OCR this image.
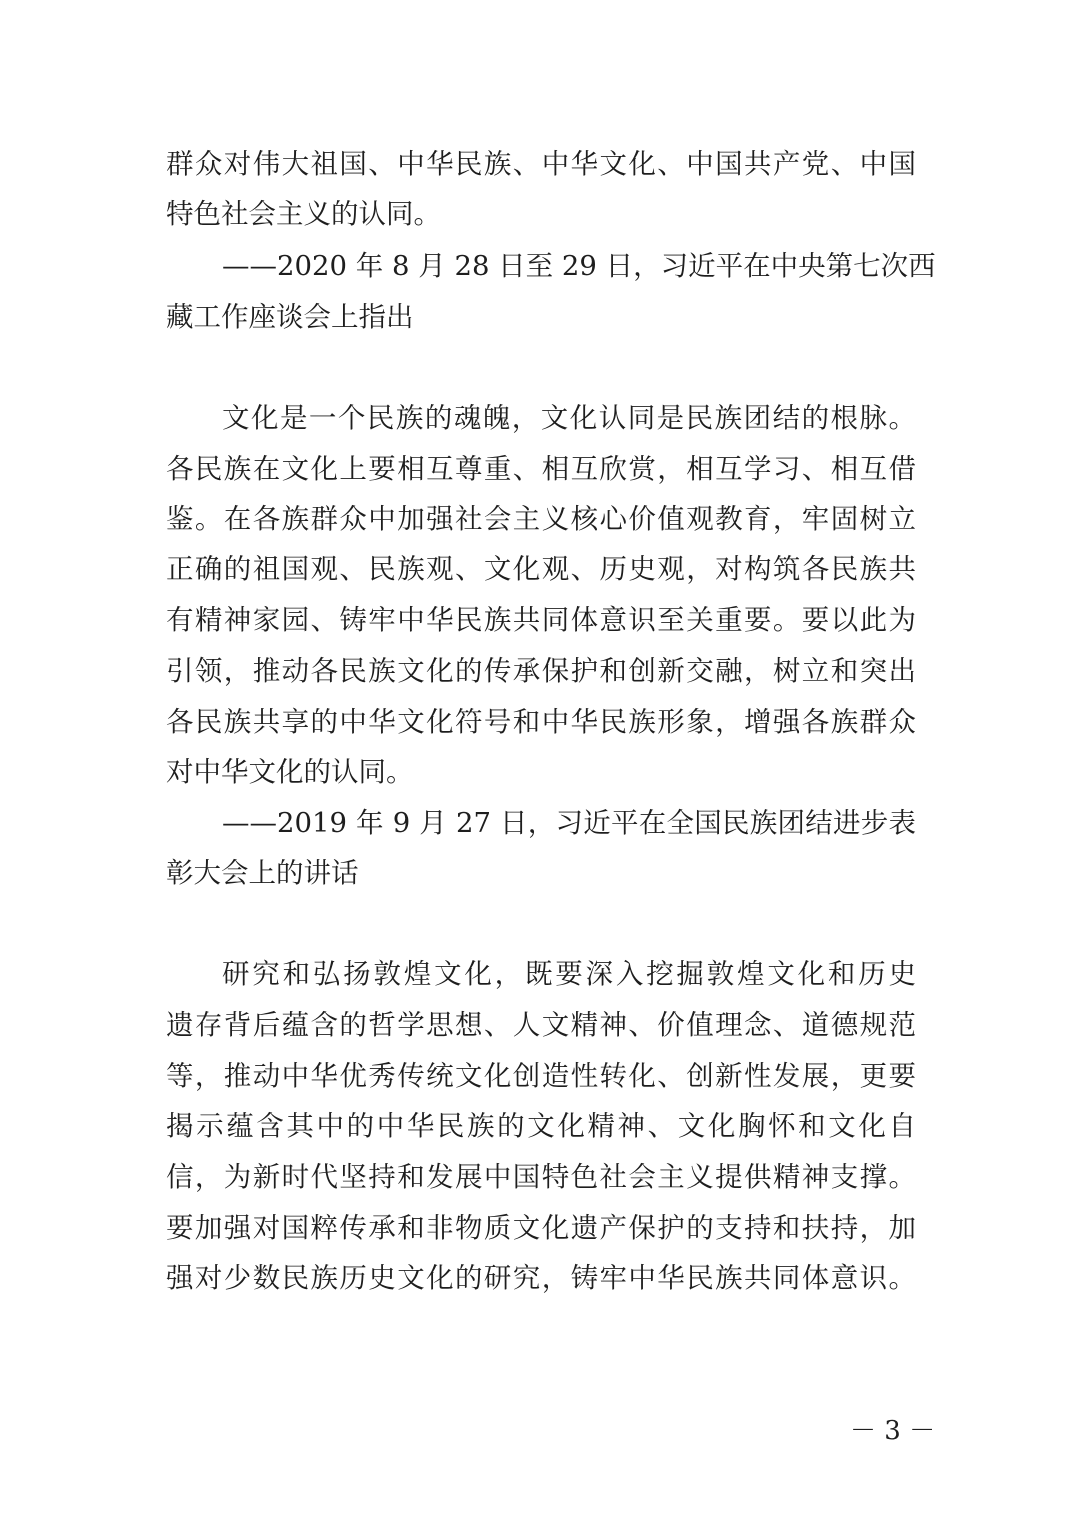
群众对伟大祖国、中华民族、中华文化、中国共产党、中国
特色社会主义的认同。
——2020 年 8 月 28 日至 29 日，习近平在中央第七次西
藏工作座谈会上指出
文化是一个民族的魂魄，文化认同是民族团结的根脉。
各民族在文化上要相互尊重、相互欣赏，相互学习、相互借
鉴。在各族群众中加强社会主义核心价值观教育，牢固树立
正确的祖国观、民族观、文化观、历史观，对构筑各民族共
有精神家园、铸牢中华民族共同体意识至关重要。要以此为
引领，推动各民族文化的传承保护和创新交融，树立和突出
各民族共享的中华文化符号和中华民族形象，增强各族群众
对中华文化的认同。
——2019 年 9 月 27 日，习近平在全国民族团结进步表
彰大会上的讲话
研究和弘扬敦煌文化，既要深入挖掘敦煌文化和历史
遗存背后蕴含的哲学思想、人文精神、价值理念、道德规范
等，推动中华优秀传统文化创造性转化、创新性发展，更要
揭示蕴含其中的中华民族的文化精神、文化胸怀和文化自
信，为新时代坚持和发展中国特色社会主义提供精神支撑。
要加强对国粹传承和非物质文化遗产保护的支持和扶持，加
强对少数民族历史文化的研究，铸牢中华民族共同体意识。
－ 3 －
